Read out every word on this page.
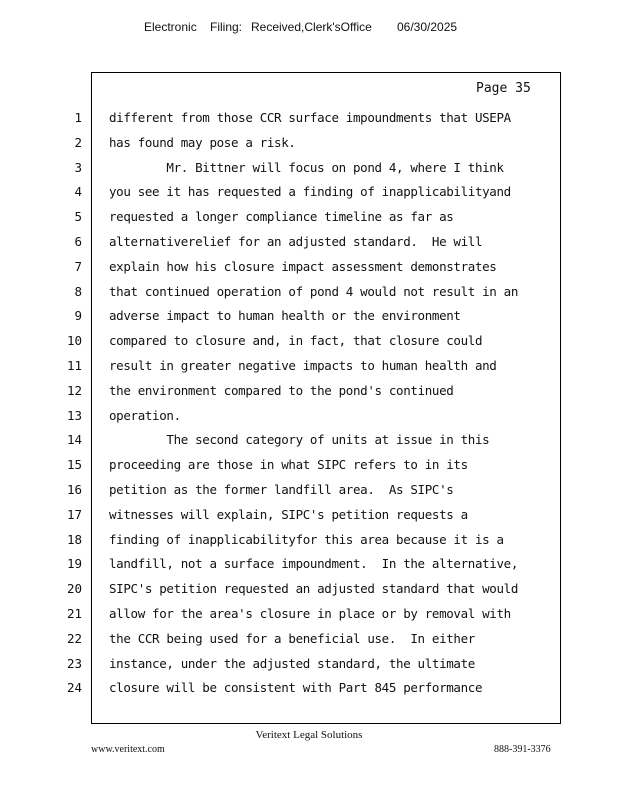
Electronic Filing: Received,Clerk'sOffice 06/30/2025
Page 35
1 different from those CCR surface impoundments that USEPA
2 has found may pose a risk.
3 Mr. Bittner will focus on pond 4, where I think
4 you see it has requested a finding of inapplicabilityand
5 requested a longer compliance timeline as far as
6 alternativerelief for an adjusted standard.  He will
7 explain how his closure impact assessment demonstrates
8 that continued operation of pond 4 would not result in an
9 adverse impact to human health or the environment
10 compared to closure and, in fact, that closure could
11 result in greater negative impacts to human health and
12 the environment compared to the pond's continued
13 operation.
14 The second category of units at issue in this
15 proceeding are those in what SIPC refers to in its
16 petition as the former landfill area.  As SIPC's
17 witnesses will explain, SIPC's petition requests a
18 finding of inapplicabilityfor this area because it is a
19 landfill, not a surface impoundment.  In the alternative,
20 SIPC's petition requested an adjusted standard that would
21 allow for the area's closure in place or by removal with
22 the CCR being used for a beneficial use.  In either
23 instance, under the adjusted standard, the ultimate
24 closure will be consistent with Part 845 performance
Veritext Legal Solutions
www.veritext.com	888-391-3376
